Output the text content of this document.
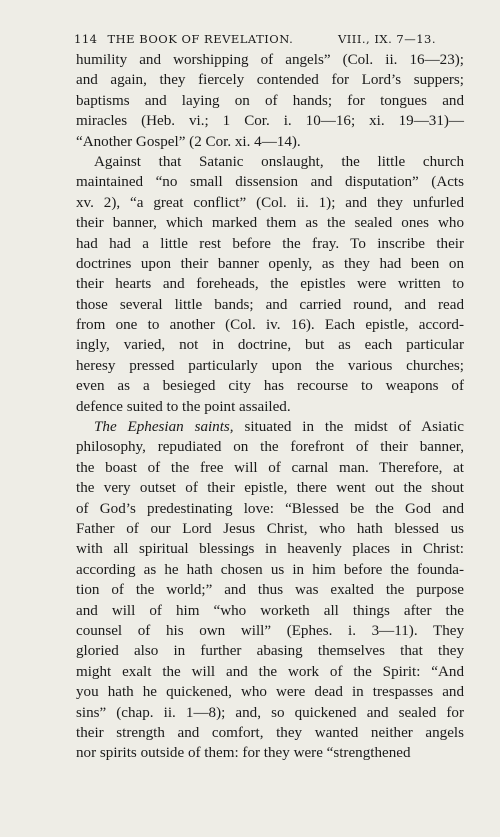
114 THE BOOK OF REVELATION.	VIII., IX. 7—13.
humility and worshipping of angels” (Col. ii. 16—23);
and again, they fiercely contended for Lord’s suppers;
baptisms and laying on of hands; for tongues and
miracles (Heb. vi.; 1 Cor. i. 10—16; xi. 19—31)—
“Another Gospel” (2 Cor. xi. 4—14).
Against that Satanic onslaught, the little church
maintained “no small dissension and disputation” (Acts
xv. 2), “a great conflict” (Col. ii. 1); and they unfurled
their banner, which marked them as the sealed ones who
had had a little rest before the fray. To inscribe their
doctrines upon their banner openly, as they had been on
their hearts and foreheads, the epistles were written to
those several little bands; and carried round, and read
from one to another (Col. iv. 16). Each epistle, accord-
ingly, varied, not in doctrine, but as each particular
heresy pressed particularly upon the various churches;
even as a besieged city has recourse to weapons of
defence suited to the point assailed.
The Ephesian saints, situated in the midst of Asiatic
philosophy, repudiated on the forefront of their banner,
the boast of the free will of carnal man. Therefore, at
the very outset of their epistle, there went out the shout
of God’s predestinating love: “Blessed be the God and
Father of our Lord Jesus Christ, who hath blessed us
with all spiritual blessings in heavenly places in Christ:
according as he hath chosen us in him before the founda-
tion of the world;” and thus was exalted the purpose
and will of him “who worketh all things after the
counsel of his own will” (Ephes. i. 3—11). They
gloried also in further abasing themselves that they
might exalt the will and the work of the Spirit: “And
you hath he quickened, who were dead in trespasses and
sins” (chap. ii. 1—8); and, so quickened and sealed for
their strength and comfort, they wanted neither angels
nor spirits outside of them: for they were “strengthened
